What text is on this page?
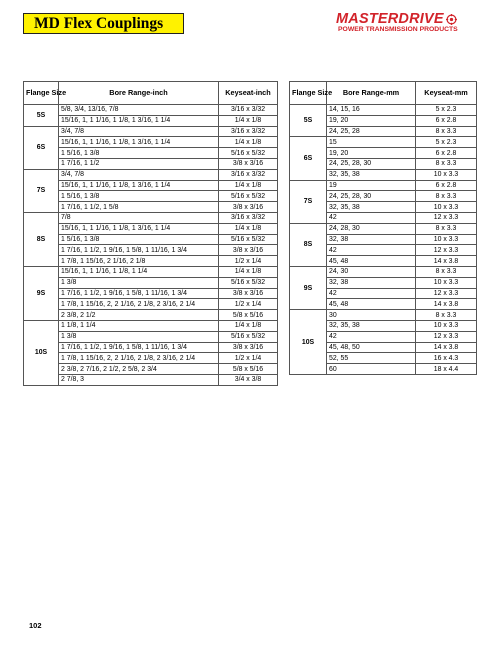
MD Flex Couplings	MASTERDRIVE
POWER TRANSMISSION PRODUCTS
Flange Size	Bore Range-inch	Keyseat-inch
5S	5/8, 3/4, 13/16, 7/8	3/16 x 3/32
	15/16, 1, 1 1/16, 1 1/8, 1 3/16, 1 1/4	1/4 x 1/8
6S	3/4, 7/8	3/16 x 3/32
	15/16, 1, 1 1/16, 1 1/8, 1 3/16, 1 1/4	1/4 x 1/8
	1 5/16, 1 3/8	5/16 x 5/32
	1 7/16, 1 1/2	3/8 x 3/16
7S	3/4, 7/8	3/16 x 3/32
	15/16, 1, 1 1/16, 1 1/8, 1 3/16, 1 1/4	1/4 x 1/8
	1 5/16, 1 3/8	5/16 x 5/32
	1 7/16, 1 1/2, 1 5/8	3/8 x 3/16
8S	7/8	3/16 x 3/32
	15/16, 1, 1 1/16, 1 1/8, 1 3/16, 1 1/4	1/4 x 1/8
	1 5/16, 1 3/8	5/16 x 5/32
	1 7/16, 1 1/2, 1 9/16, 1 5/8, 1 11/16, 1 3/4	3/8 x 3/16
	1 7/8, 1 15/16, 2 1/16, 2 1/8	1/2 x 1/4
9S	15/16, 1, 1 1/16, 1 1/8, 1 1/4	1/4 x 1/8
	1 3/8	5/16 x 5/32
	1 7/16, 1 1/2, 1 9/16, 1 5/8, 1 11/16, 1 3/4	3/8 x 3/16
	1 7/8, 1 15/16, 2, 2 1/16, 2 1/8, 2 3/16, 2 1/4	1/2 x 1/4
	2 3/8, 2 1/2	5/8 x 5/16
10S	1 1/8, 1 1/4	1/4 x 1/8
	1 3/8	5/16 x 5/32
	1 7/16, 1 1/2, 1 9/16, 1 5/8, 1 11/16, 1 3/4	3/8 x 3/16
	1 7/8, 1 15/16, 2, 2 1/16, 2 1/8, 2 3/16, 2 1/4	1/2 x 1/4
	2 3/8, 2 7/16, 2 1/2, 2 5/8, 2 3/4	5/8 x 5/16
	2 7/8, 3	3/4 x 3/8
Flange Size	Bore Range-mm	Keyseat-mm
5S	14, 15, 16	5 x 2.3
	19, 20	6 x 2.8
	24, 25, 28	8 x 3.3
6S	15	5 x 2.3
	19, 20	6 x 2.8
	24, 25, 28, 30	8 x 3.3
	32, 35, 38	10 x 3.3
7S	19	6 x 2.8
	24, 25, 28, 30	8 x 3.3
	32, 35, 38	10 x 3.3
	42	12 x 3.3
8S	24, 28, 30	8 x 3.3
	32, 38	10 x 3.3
	42	12 x 3.3
	45, 48	14 x 3.8
9S	24, 30	8 x 3.3
	32, 38	10 x 3.3
	42	12 x 3.3
	45, 48	14 x 3.8
10S	30	8 x 3.3
	32, 35, 38	10 x 3.3
	42	12 x 3.3
	45, 48, 50	14 x 3.8
	52, 55	16 x 4.3
	60	18 x 4.4
102
